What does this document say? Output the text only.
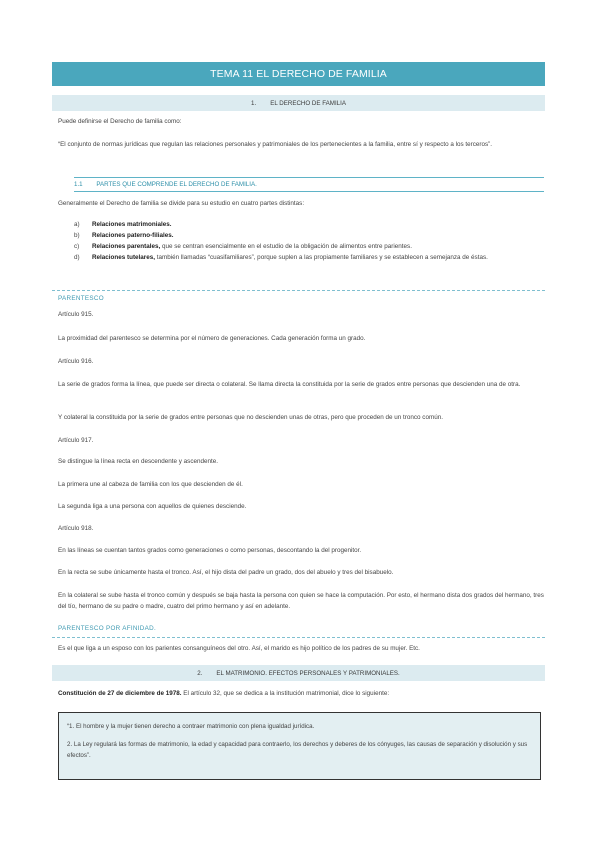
TEMA 11 EL DERECHO DE FAMILIA
1. EL DERECHO DE FAMILIA
Puede definirse el Derecho de familia como:
“El conjunto de normas jurídicas que regulan las relaciones personales y patrimoniales de los pertenecientes a la familia, entre sí y respecto a los terceros”.
1.1 PARTES QUE COMPRENDE EL DERECHO DE FAMILIA.
Generalmente el Derecho de familia se divide para su estudio en cuatro partes distintas:
a)	Relaciones matrimoniales.
b)	Relaciones paterno-filiales.
c)	Relaciones parentales, que se centran esencialmente en el estudio de la obligación de alimentos entre parientes.
d)	Relaciones tutelares, también llamadas “cuasifamiliares”, porque suplen a las propiamente familiares y se establecen a semejanza de éstas.
PARENTESCO
Artículo 915.
La proximidad del parentesco se determina por el número de generaciones. Cada generación forma un grado.
Artículo 916.
La serie de grados forma la línea, que puede ser directa o colateral. Se llama directa la constituida por la serie de grados entre personas que descienden una de otra.
Y colateral la constituida por la serie de grados entre personas que no descienden unas de otras, pero que proceden de un tronco común.
Artículo 917.
Se distingue la línea recta en descendente y ascendente.
La primera une al cabeza de familia con los que descienden de él.
La segunda liga a una persona con aquellos de quienes desciende.
Artículo 918.
En las líneas se cuentan tantos grados como generaciones o como personas, descontando la del progenitor.
En la recta se sube únicamente hasta el tronco. Así, el hijo dista del padre un grado, dos del abuelo y tres del bisabuelo.
En la colateral se sube hasta el tronco común y después se baja hasta la persona con quien se hace la computación. Por esto, el hermano dista dos grados del hermano, tres del tío, hermano de su padre o madre, cuatro del primo hermano y así en adelante.
PARENTESCO POR AFINIDAD.
Es el que liga a un esposo con los parientes consanguíneos del otro. Así, el marido es hijo político de los padres de su mujer. Etc.
2. EL MATRIMONIO. EFECTOS PERSONALES Y PATRIMONIALES.
Constitución de 27 de diciembre de 1978. El artículo 32, que se dedica a la institución matrimonial, dice lo siguiente:

“1. El hombre y la mujer tienen derecho a contraer matrimonio con plena igualdad jurídica.

2. La Ley regulará las formas de matrimonio, la edad y capacidad para contraerlo, los derechos y deberes de los cónyuges, las causas de separación y disolución y sus efectos”.
